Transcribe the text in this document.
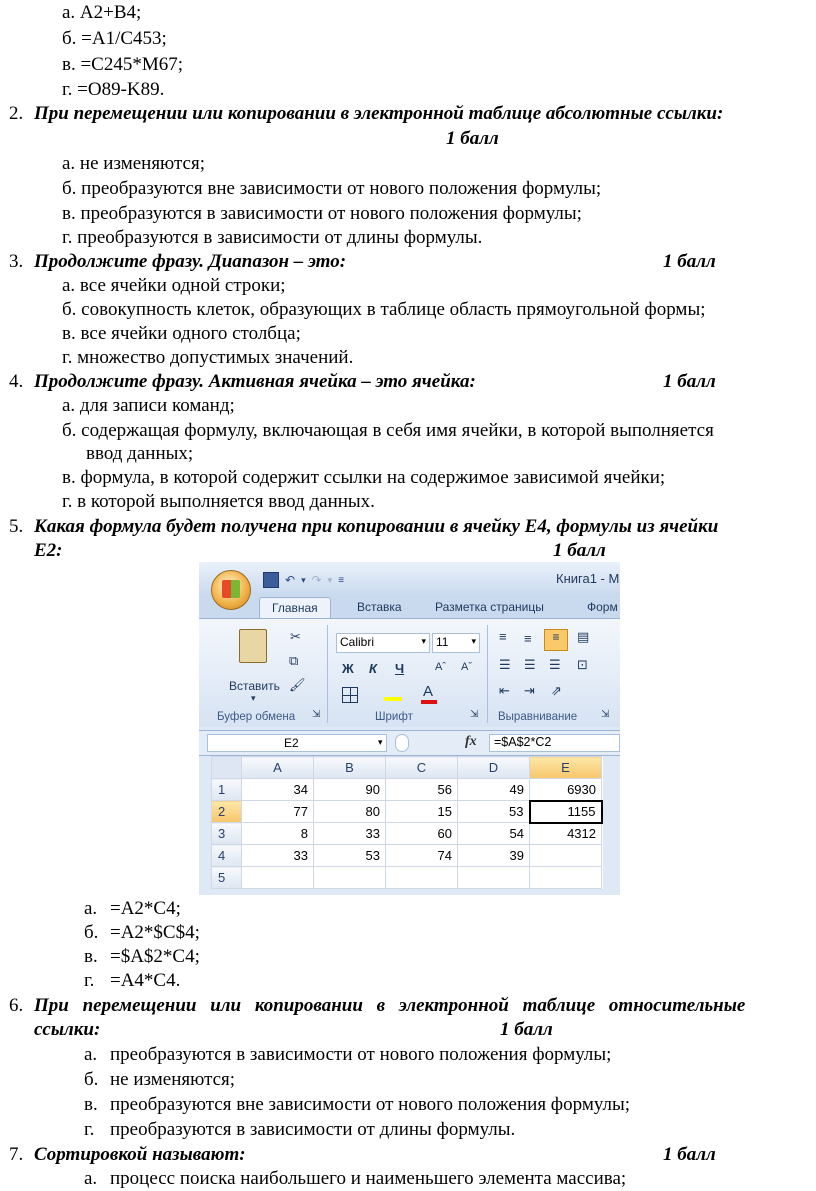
а. A2+B4;
б. =A1/C453;
в. =C245*M67;
г. =O89-K89.
2. При перемещении или копировании в электронной таблице абсолютные ссылки:
1 балл
а. не изменяются;
б. преобразуются вне зависимости от нового положения формулы;
в. преобразуются в зависимости от нового положения формулы;
г. преобразуются в зависимости от длины формулы.
3. Продолжите фразу. Диапазон – это:	1 балл
а. все ячейки одной строки;
б. совокупность клеток, образующих в таблице область прямоугольной формы;
в. все ячейки одного столбца;
г. множество допустимых значений.
4. Продолжите фразу. Активная ячейка – это ячейка:	1 балл
а. для записи команд;
б. содержащая формулу, включающая в себя имя ячейки, в которой выполняется
ввод данных;
в. формула, в которой содержит ссылки на содержимое зависимой ячейки;
г. в которой выполняется ввод данных.
5. Какая формула будет получена при копировании в ячейку E4, формулы из ячейки
E2:	1 балл
↶ ▾ ↷ ▾ ≡	Книга1 - M
Главная	Вставка	Разметка страницы	Форм
Вставить
▾
✂
⧉
🖌
Буфер обмена ⇲
Calibri	▾ 11	▾
Ж К Ч	Aˆ Aˇ
A
Шрифт	⇲
≡ ≡	≡	▤
☰ ☰ ☰ ⊡
⇤ ⇥ ⇗
Выравнивание ⇲
E2	▾	fx	=$A$2*C2
	A	B	C	D	E
1	34	90	56	49	6930
2	77	80	15	53	1155
3	8	33	60	54	4312
4	33	53	74	39	
5					
а. =A2*C4;
б. =A2*$C$4;
в. =$A$2*C4;
г. =A4*C4.
6. При перемещении или копировании в электронной таблице относительные
ссылки:	1 балл
а. преобразуются в зависимости от нового положения формулы;
б. не изменяются;
в. преобразуются вне зависимости от нового положения формулы;
г. преобразуются в зависимости от длины формулы.
7. Сортировкой называют:	1 балл
а. процесс поиска наибольшего и наименьшего элемента массива;
